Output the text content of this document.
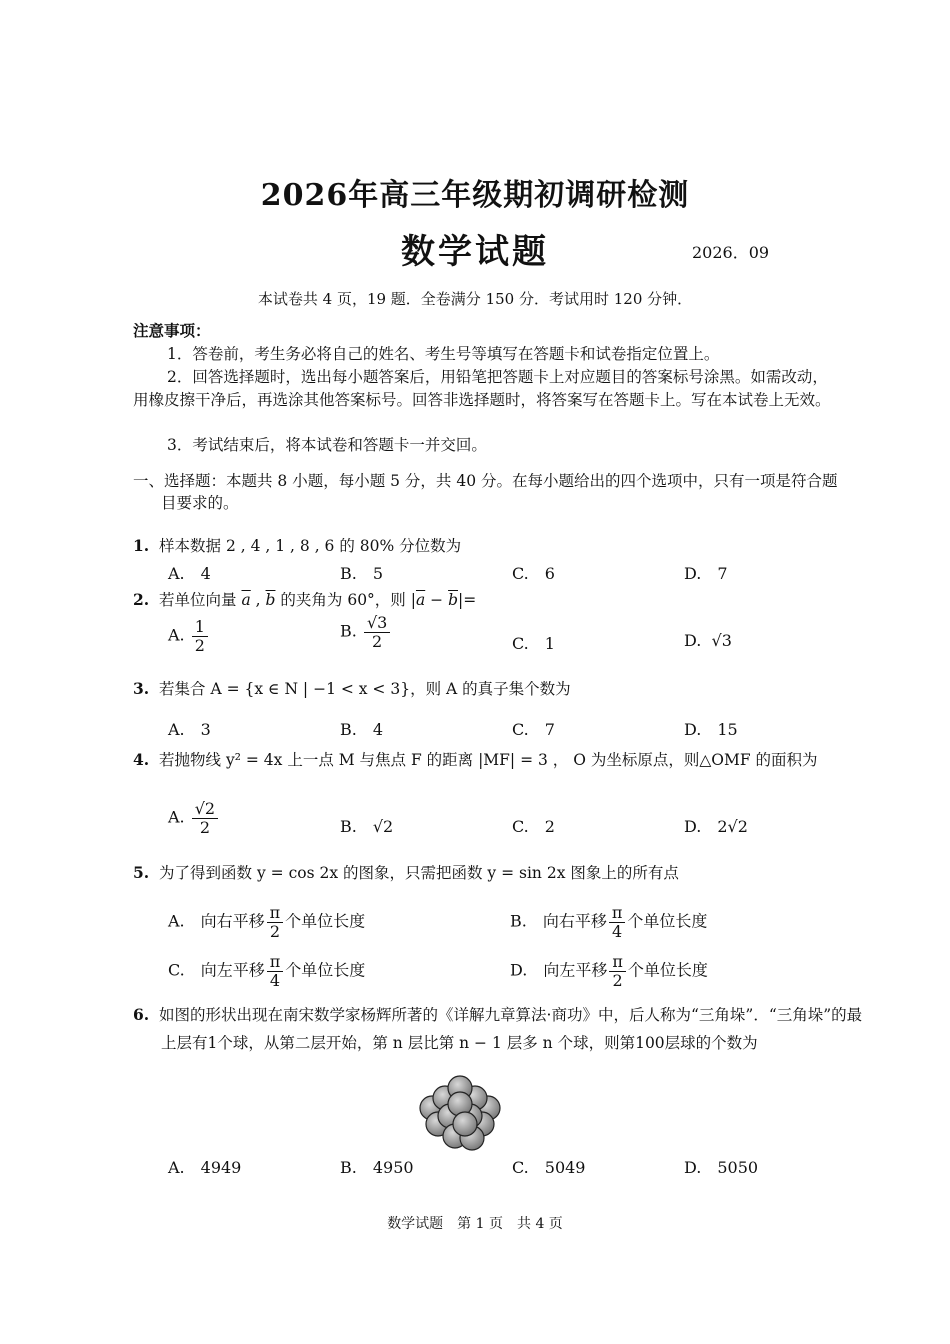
2026年高三年级期初调研检测
数学试题	2026．09
本试卷共 4 页，19 题．全卷满分 150 分．考试用时 120 分钟．
注意事项：
1．答卷前，考生务必将自己的姓名、考生号等填写在答题卡和试卷指定位置上。
2．回答选择题时，选出每小题答案后，用铅笔把答题卡上对应题目的答案标号涂黑。如需改动，用橡皮擦干净后，再选涂其他答案标号。回答非选择题时，将答案写在答题卡上。写在本试卷上无效。
3．考试结束后，将本试卷和答题卡一并交回。
一、选择题：本题共 8 小题，每小题 5 分，共 40 分。在每小题给出的四个选项中，只有一项是符合题目要求的。
1. 样本数据 2 , 4 , 1 , 8 , 6 的 80% 分位数为
A.　4	B.　5	C.　6	D.　7
2. 若单位向量 $\overline{a}$ , $\overline{b}$ 的夹角为 60°，则 $|\overline{a} - \overline{b}|=$
A. $\frac{1}{2}$	B. $\frac{√3}{2}$	C.　1	D. √3
3. 若集合 A = {x ∈ N | −1 < x < 3}，则 A 的真子集个数为
A.　3	B.　4	C.　7	D.　15
4. 若抛物线 y² = 4x 上一点 M 与焦点 F 的距离 |MF| = 3 ， O 为坐标原点，则△OMF 的面积为
A. $\frac{√2}{2}$	B.　√2	C.　2	D.　2√2
5. 为了得到函数 y = cos 2x 的图象，只需把函数 y = sin 2x 图象上的所有点
A.　向右平移 $\frac{\pi}{2}$ 个单位长度	B.　向右平移 $\frac{\pi}{4}$ 个单位长度
C.　向左平移 $\frac{\pi}{4}$ 个单位长度	D.　向左平移 $\frac{\pi}{2}$ 个单位长度
6. 如图的形状出现在南宋数学家杨辉所著的《详解九章算法·商功》中，后人称为“三角垛”．“三角垛”的最上层有1个球，从第二层开始，第 n 层比第 n − 1 层多 n 个球，则第100层球的个数为
A.　4949	B.　4950	C.　5049	D.　5050
数学试题　第 1 页　共 4 页
